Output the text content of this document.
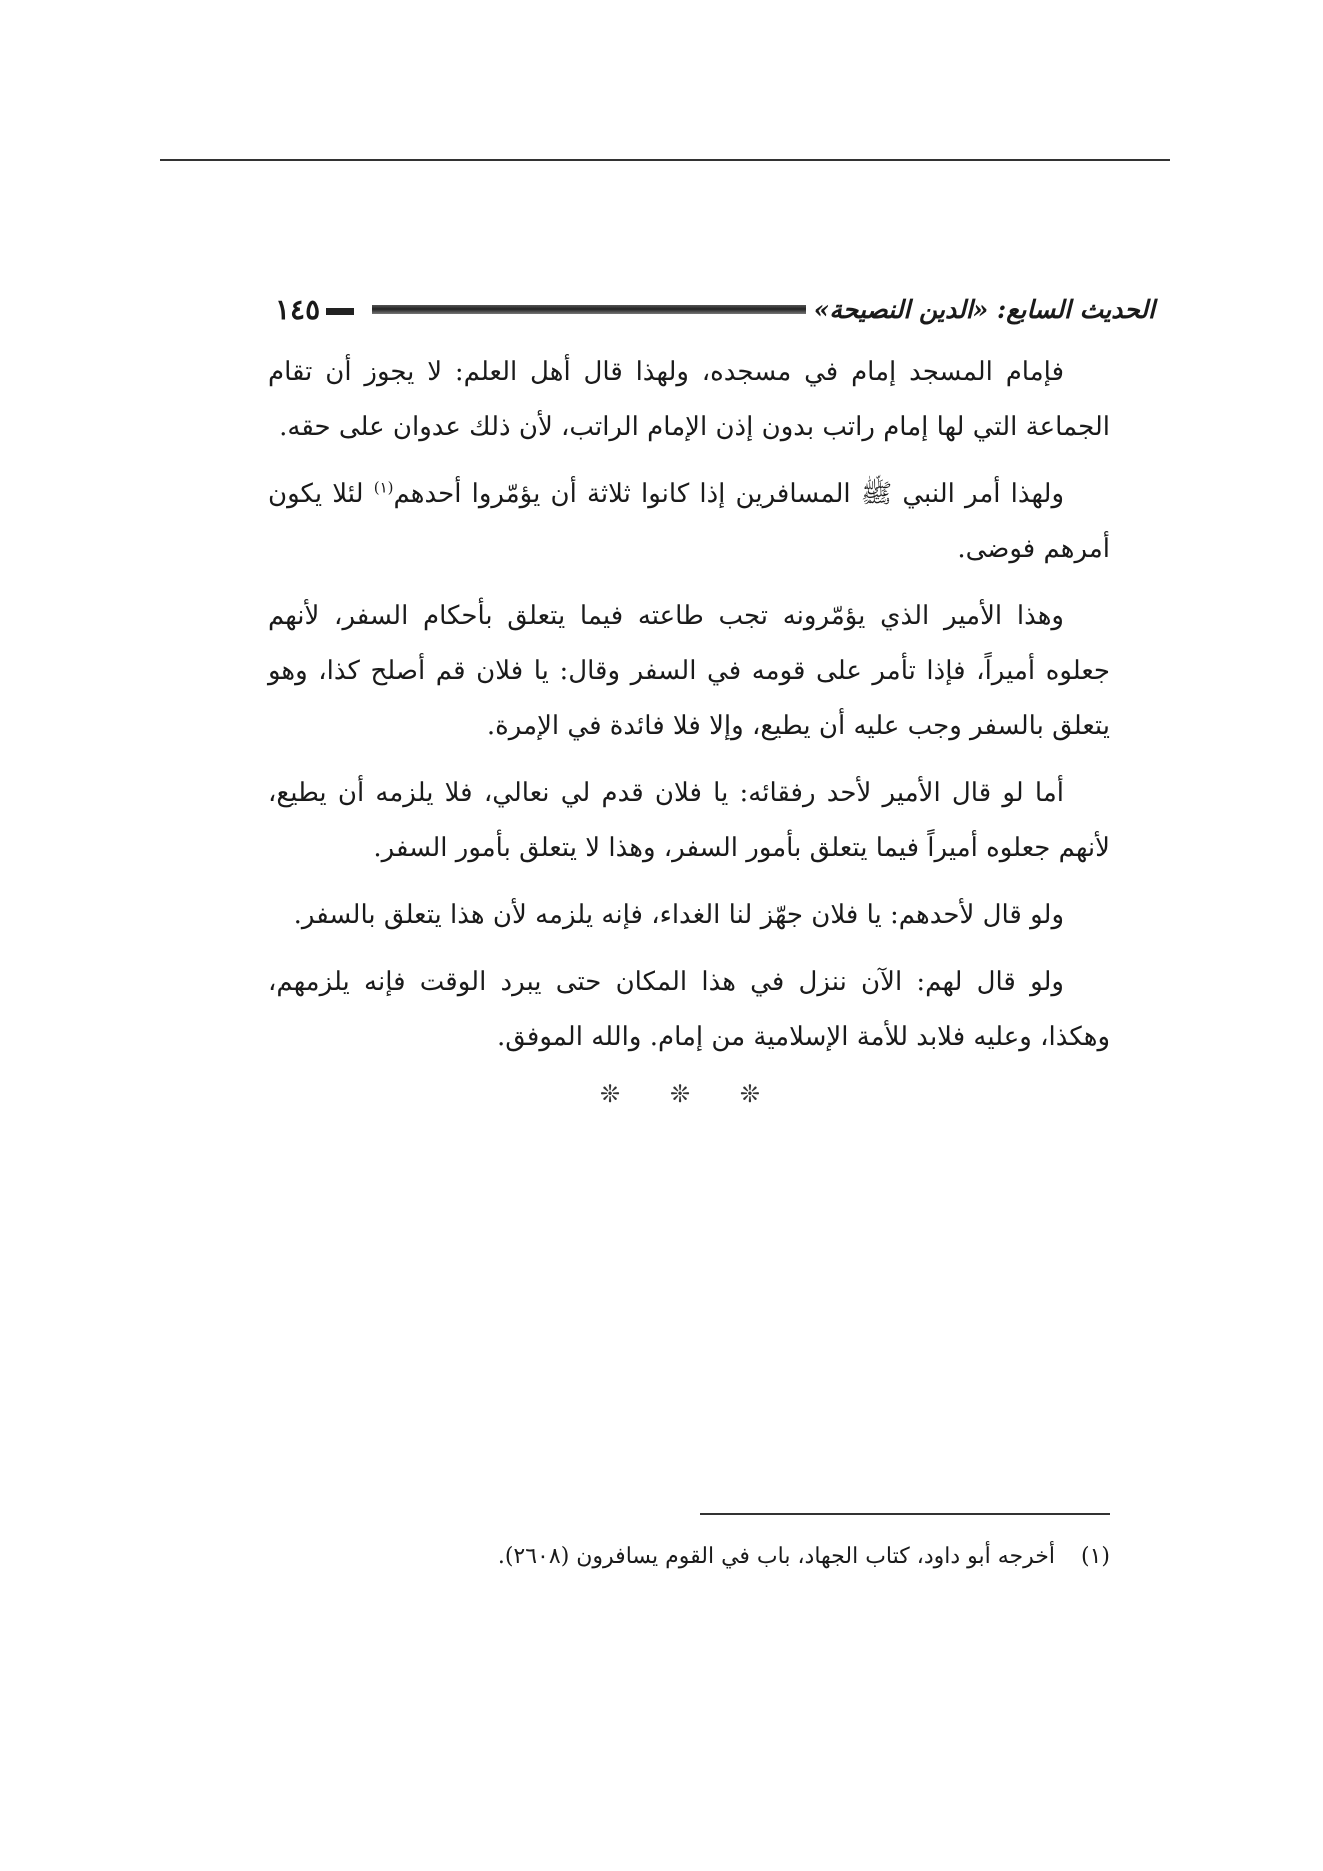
١٤٥	الحديث السابع: «الدين النصيحة»

فإمام المسجد إمام في مسجده، ولهذا قال أهل العلم: لا يجوز أن تقام الجماعة التي لها إمام راتب بدون إذن الإمام الراتب، لأن ذلك عدوان على حقه.

ولهذا أمر النبي ﷺ المسافرين إذا كانوا ثلاثة أن يؤمّروا أحدهم$^{(١)}$ لئلا يكون أمرهم فوضى.

وهذا الأمير الذي يؤمّرونه تجب طاعته فيما يتعلق بأحكام السفر، لأنهم جعلوه أميراً، فإذا تأمر على قومه في السفر وقال: يا فلان قم أصلح كذا، وهو يتعلق بالسفر وجب عليه أن يطيع، وإلا فلا فائدة في الإمرة.

أما لو قال الأمير لأحد رفقائه: يا فلان قدم لي نعالي، فلا يلزمه أن يطيع، لأنهم جعلوه أميراً فيما يتعلق بأمور السفر، وهذا لا يتعلق بأمور السفر.

ولو قال لأحدهم: يا فلان جهّز لنا الغداء، فإنه يلزمه لأن هذا يتعلق بالسفر.

ولو قال لهم: الآن ننزل في هذا المكان حتى يبرد الوقت فإنه يلزمهم، وهكذا، وعليه فلابد للأمة الإسلامية من إمام. والله الموفق.

❊ ❊ ❊
(١)أخرجه أبو داود، كتاب الجهاد، باب في القوم يسافرون (٢٦٠٨).
